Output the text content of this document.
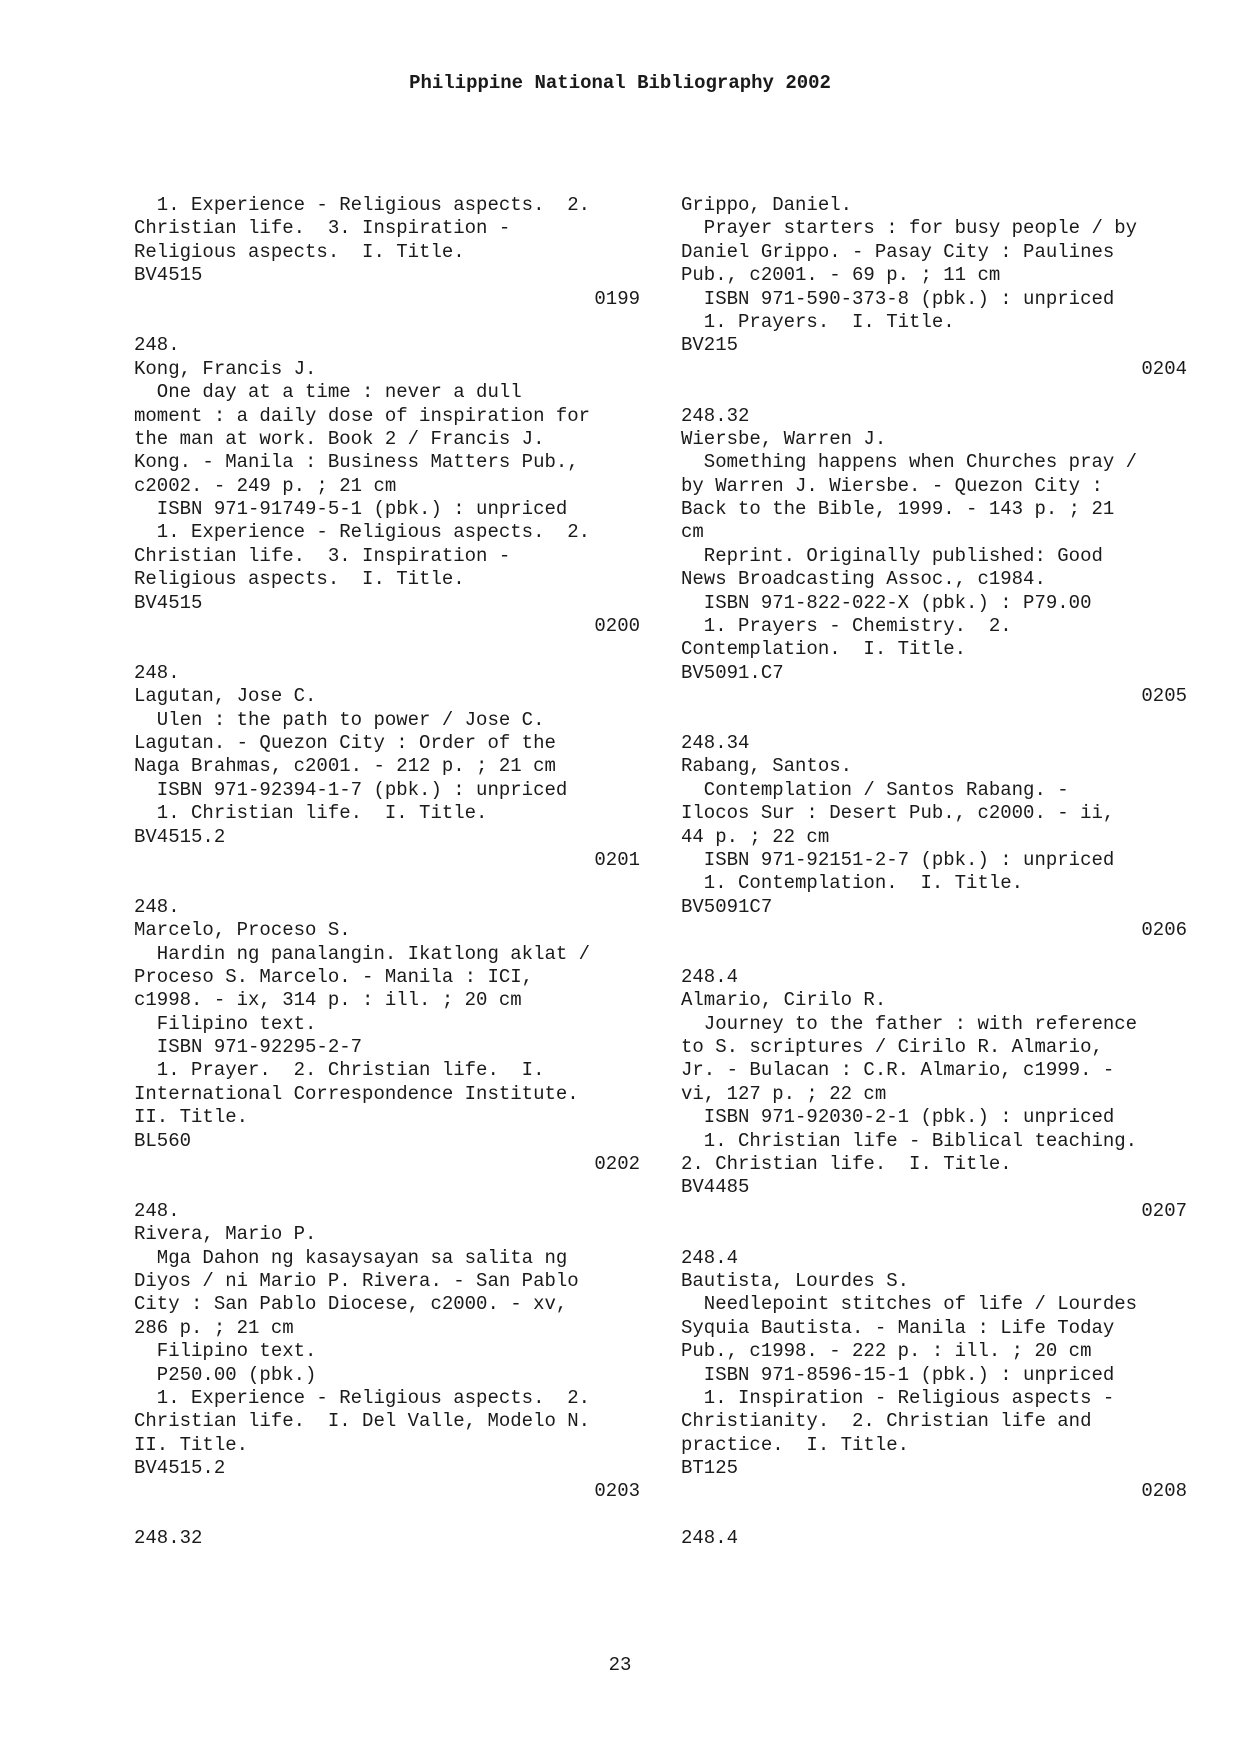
Philippine National Bibliography 2002
1. Experience - Religious aspects.  2.
Christian life.  3. Inspiration -
Religious aspects.  I. Title.
BV4515
0199
248.
Kong, Francis J.
One day at a time : never a dull
moment : a daily dose of inspiration for
the man at work. Book 2 / Francis J.
Kong. - Manila : Business Matters Pub.,
c2002. - 249 p. ; 21 cm
ISBN 971-91749-5-1 (pbk.) : unpriced
1. Experience - Religious aspects.  2.
Christian life.  3. Inspiration -
Religious aspects.  I. Title.
BV4515
0200
248.
Lagutan, Jose C.
Ulen : the path to power / Jose C.
Lagutan. - Quezon City : Order of the
Naga Brahmas, c2001. - 212 p. ; 21 cm
ISBN 971-92394-1-7 (pbk.) : unpriced
1. Christian life.  I. Title.
BV4515.2
0201
248.
Marcelo, Proceso S.
Hardin ng panalangin. Ikatlong aklat /
Proceso S. Marcelo. - Manila : ICI,
c1998. - ix, 314 p. : ill. ; 20 cm
Filipino text.
ISBN 971-92295-2-7
1. Prayer.  2. Christian life.  I.
International Correspondence Institute.
II. Title.
BL560
0202
248.
Rivera, Mario P.
Mga Dahon ng kasaysayan sa salita ng
Diyos / ni Mario P. Rivera. - San Pablo
City : San Pablo Diocese, c2000. - xv,
286 p. ; 21 cm
Filipino text.
P250.00 (pbk.)
1. Experience - Religious aspects.  2.
Christian life.  I. Del Valle, Modelo N.
II. Title.
BV4515.2
0203
248.32
Grippo, Daniel.
Prayer starters : for busy people / by
Daniel Grippo. - Pasay City : Paulines
Pub., c2001. - 69 p. ; 11 cm
ISBN 971-590-373-8 (pbk.) : unpriced
1. Prayers.  I. Title.
BV215
0204
248.32
Wiersbe, Warren J.
Something happens when Churches pray /
by Warren J. Wiersbe. - Quezon City :
Back to the Bible, 1999. - 143 p. ; 21
cm
Reprint. Originally published: Good
News Broadcasting Assoc., c1984.
ISBN 971-822-022-X (pbk.) : P79.00
1. Prayers - Chemistry.  2.
Contemplation.  I. Title.
BV5091.C7
0205
248.34
Rabang, Santos.
Contemplation / Santos Rabang. -
Ilocos Sur : Desert Pub., c2000. - ii,
44 p. ; 22 cm
ISBN 971-92151-2-7 (pbk.) : unpriced
1. Contemplation.  I. Title.
BV5091C7
0206
248.4
Almario, Cirilo R.
Journey to the father : with reference
to S. scriptures / Cirilo R. Almario,
Jr. - Bulacan : C.R. Almario, c1999. -
vi, 127 p. ; 22 cm
ISBN 971-92030-2-1 (pbk.) : unpriced
1. Christian life - Biblical teaching.
2. Christian life.  I. Title.
BV4485
0207
248.4
Bautista, Lourdes S.
Needlepoint stitches of life / Lourdes
Syquia Bautista. - Manila : Life Today
Pub., c1998. - 222 p. : ill. ; 20 cm
ISBN 971-8596-15-1 (pbk.) : unpriced
1. Inspiration - Religious aspects -
Christianity.  2. Christian life and
practice.  I. Title.
BT125
0208
248.4
23
